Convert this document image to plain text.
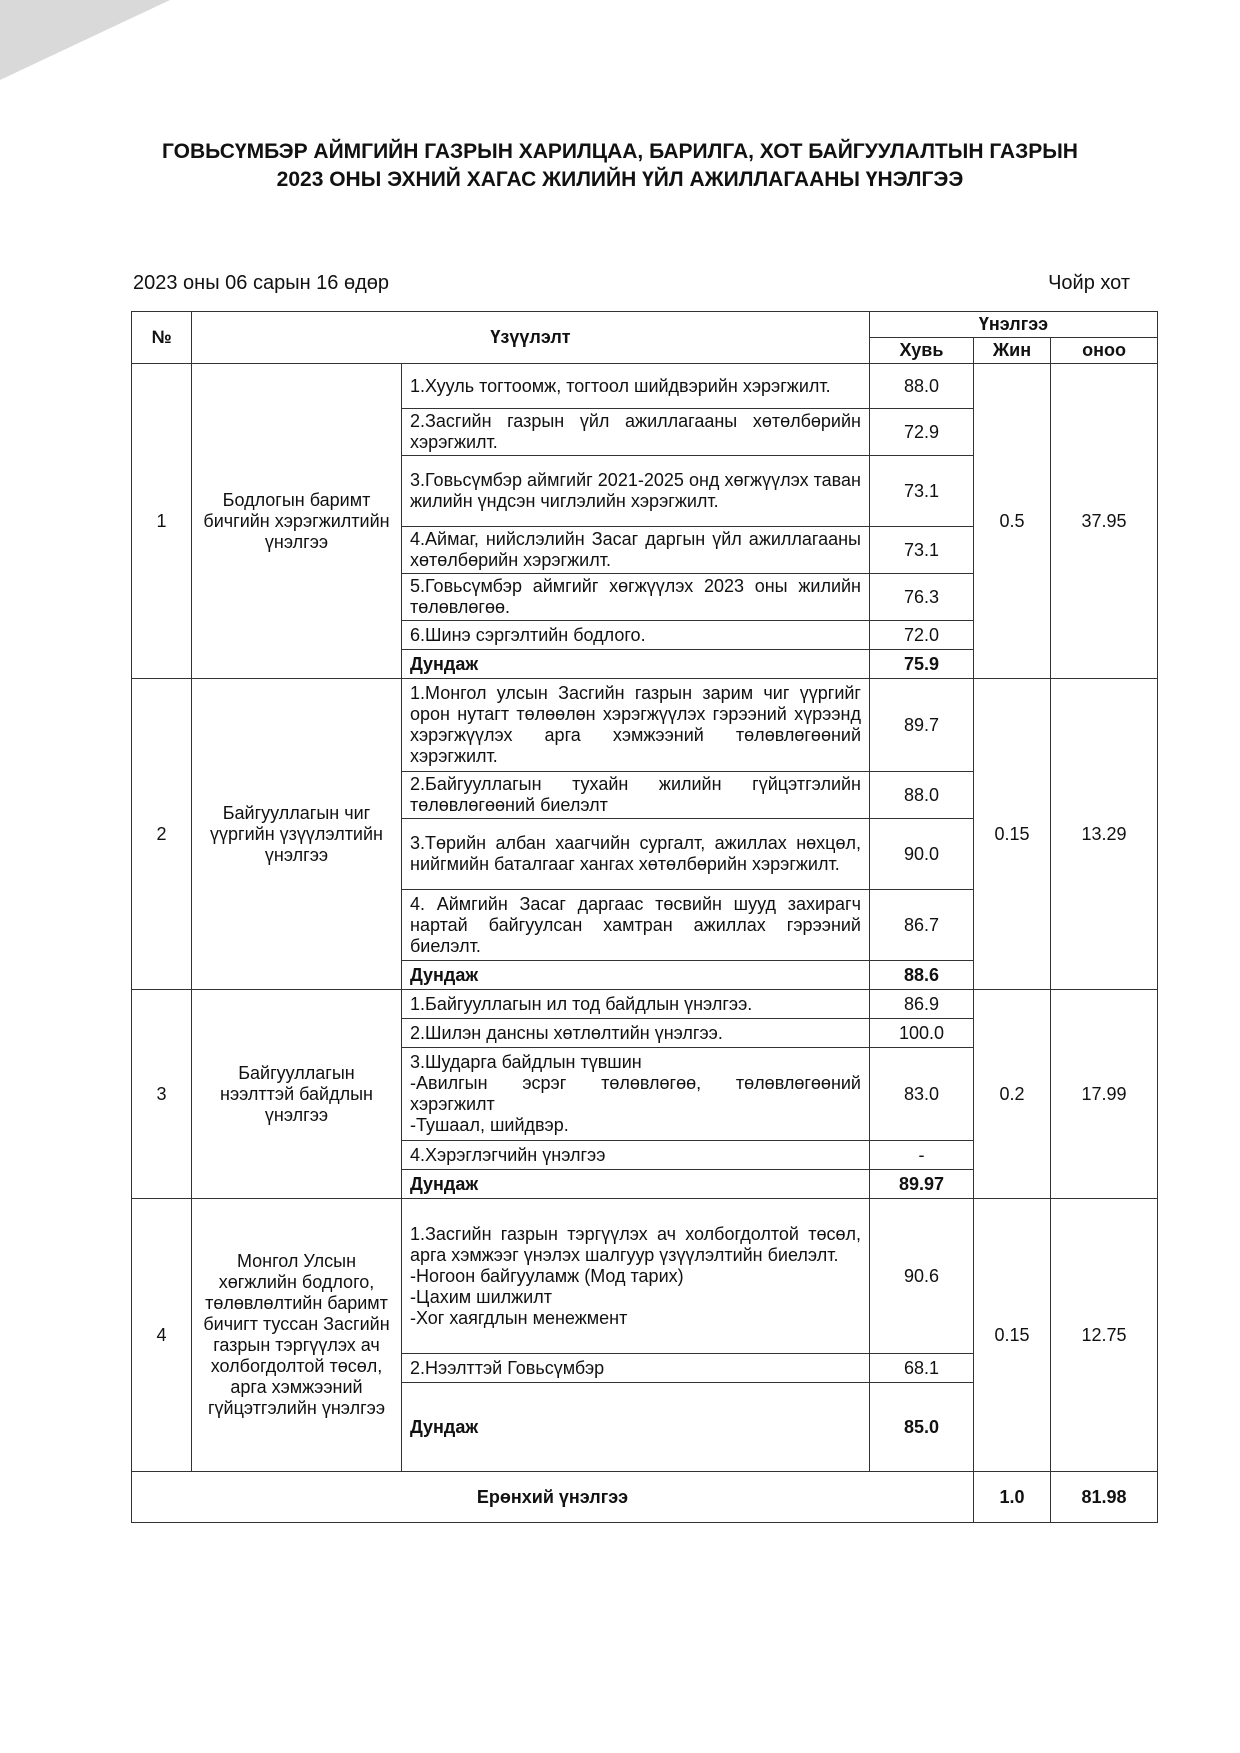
ГОВЬСҮМБЭР АЙМГИЙН ГАЗРЫН ХАРИЛЦАА, БАРИЛГА, ХОТ БАЙГУУЛАЛТЫН ГАЗРЫН
2023 ОНЫ ЭХНИЙ ХАГАС ЖИЛИЙН ҮЙЛ АЖИЛЛАГААНЫ ҮНЭЛГЭЭ
2023 оны 06 сарын 16 өдөр	Чойр хот
№	Үзүүлэлт		Үнэлгээ		
			Хувь	Жин	оноо
1	Бодлогын баримт бичгийн хэрэгжилтийн үнэлгээ	1.Хууль тогтоомж, тогтоол шийдвэрийн хэрэгжилт.	88.0	0.5	37.95
		2.Засгийн газрын үйл ажиллагааны хөтөлбөрийн хэрэгжилт.	72.9		
		3.Говьсүмбэр аймгийг 2021-2025 онд хөгжүүлэх таван жилийн үндсэн чиглэлийн хэрэгжилт.	73.1		
		4.Аймаг, нийслэлийн Засаг даргын үйл ажиллагааны хөтөлбөрийн хэрэгжилт.	73.1		
		5.Говьсүмбэр аймгийг хөгжүүлэх 2023 оны жилийн төлөвлөгөө.	76.3		
		6.Шинэ сэргэлтийн бодлого.	72.0		
		Дундаж	75.9		
2	Байгууллагын чиг үүргийн үзүүлэлтийн үнэлгээ	1.Монгол улсын Засгийн газрын зарим чиг үүргийг орон нутагт төлөөлөн хэрэгжүүлэх гэрээний хүрээнд хэрэгжүүлэх арга хэмжээний төлөвлөгөөний хэрэгжилт.	89.7	0.15	13.29
		2.Байгууллагын тухайн жилийн гүйцэтгэлийн төлөвлөгөөний биелэлт	88.0		
		3.Төрийн албан хаагчийн сургалт, ажиллах нөхцөл, нийгмийн баталгааг хангах хөтөлбөрийн хэрэгжилт.	90.0		
		4. Аймгийн Засаг даргаас төсвийн шууд захирагч нартай байгуулсан хамтран ажиллах гэрээний биелэлт.	86.7		
		Дундаж	88.6		
3	Байгууллагын нээлттэй байдлын үнэлгээ	1.Байгууллагын ил тод байдлын үнэлгээ.	86.9	0.2	17.99
		2.Шилэн дансны хөтлөлтийн үнэлгээ.	100.0		
		3.Шударга байдлын түвшин
-Авилгын эсрэг төлөвлөгөө, төлөвлөгөөний хэрэгжилт
-Тушаал, шийдвэр.	83.0		
		4.Хэрэглэгчийн үнэлгээ	-		
		Дундаж	89.97		
4	Монгол Улсын хөгжлийн бодлого, төлөвлөлтийн баримт бичигт туссан Засгийн газрын тэргүүлэх ач холбогдолтой төсөл, арга хэмжээний гүйцэтгэлийн үнэлгээ	1.Засгийн газрын тэргүүлэх ач холбогдолтой төсөл, арга хэмжээг үнэлэх шалгуур үзүүлэлтийн биелэлт.
-Ногоон байгууламж (Мод тарих)
-Цахим шилжилт
-Хог хаягдлын менежмент	90.6	0.15	12.75
		2.Нээлттэй Говьсүмбэр	68.1		
		Дундаж	85.0		
Ерөнхий үнэлгээ				1.0	81.98
